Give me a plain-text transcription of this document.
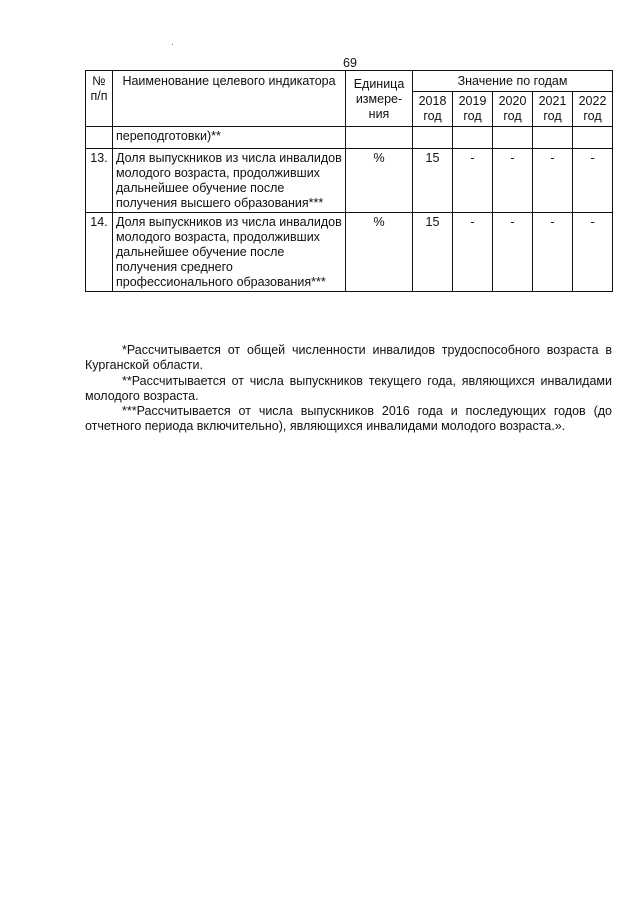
69
№ п/п	Наименование целевого индикатора	Единица измере-ния	Значение по годам				
			2018 год	2019 год	2020 год	2021 год	2022 год
	переподготовки)**						
13.	Доля выпускников из числа инвалидов молодого возраста, продолживших дальнейшее обучение после получения высшего образования***	%	15	-	-	-	-
14.	Доля выпускников из числа инвалидов молодого возраста, продолживших дальнейшее обучение после получения среднего профессионального образования***	%	15	-	-	-	-

*Рассчитывается от общей численности инвалидов трудоспособного возраста в Курганской области.

**Рассчитывается от числа выпускников текущего года, являющихся инвалидами молодого возраста.

***Рассчитывается от числа выпускников 2016 года и последующих годов (до отчетного периода включительно), являющихся инвалидами молодого возраста.».
